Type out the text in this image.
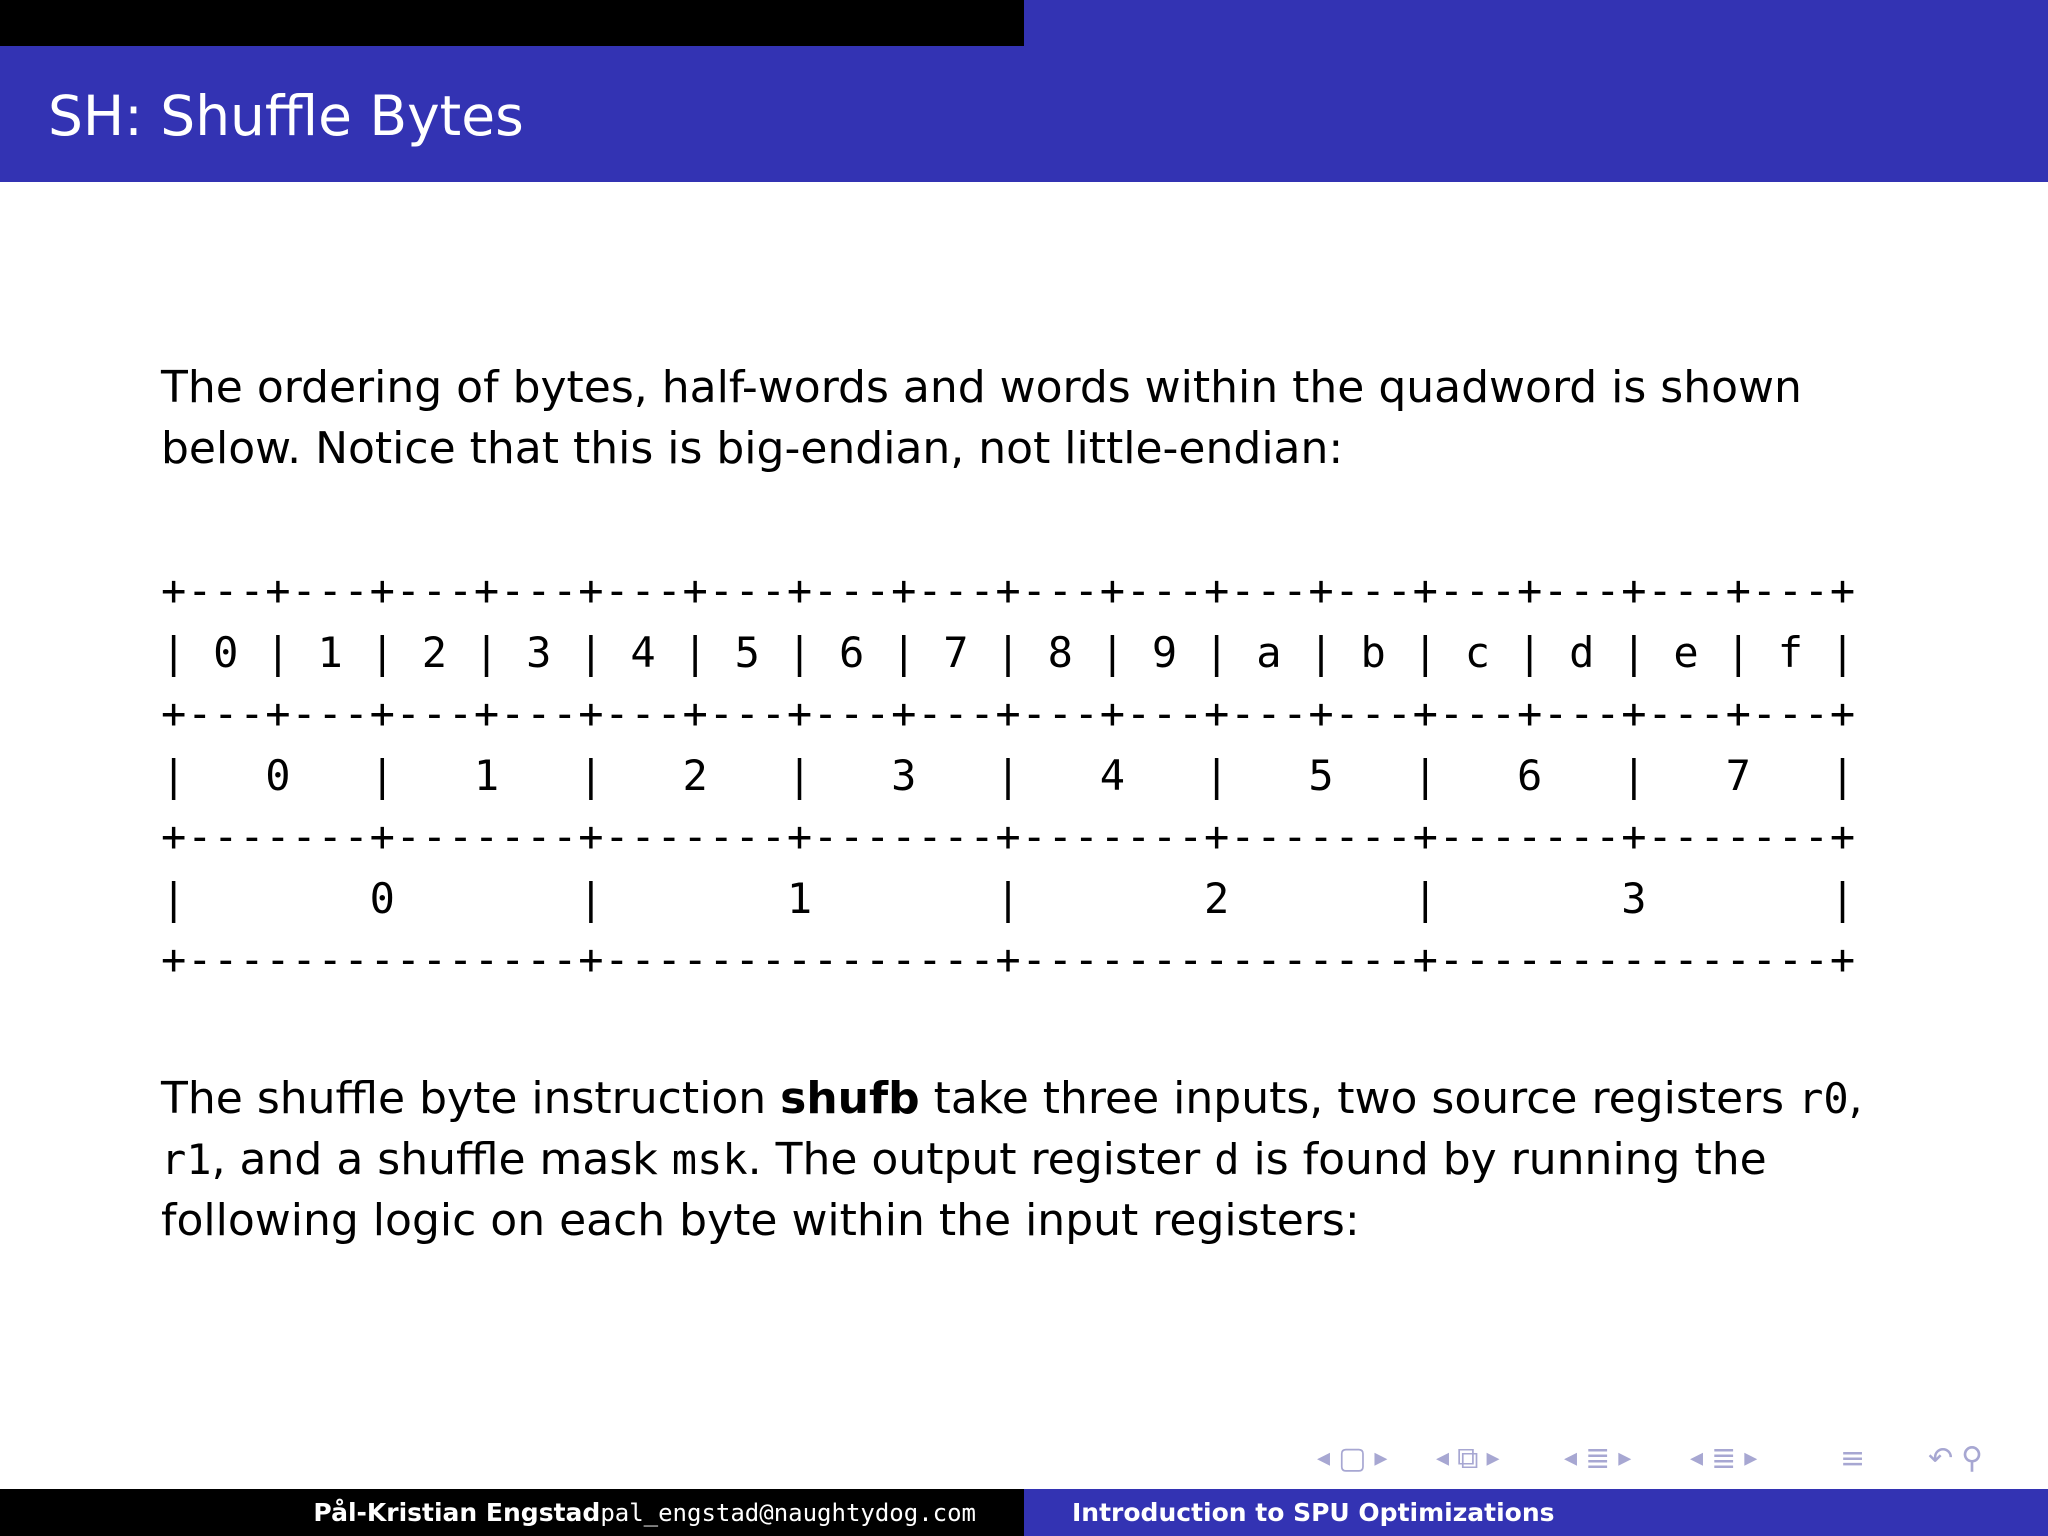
SH: Shuffle Bytes
The ordering of bytes, half-words and words within the quadword is shown
below. Notice that this is big-endian, not little-endian:
+---+---+---+---+---+---+---+---+---+---+---+---+---+---+---+---+
| 0 | 1 | 2 | 3 | 4 | 5 | 6 | 7 | 8 | 9 | a | b | c | d | e | f |
+---+---+---+---+---+---+---+---+---+---+---+---+---+---+---+---+
|   0   |   1   |   2   |   3   |   4   |   5   |   6   |   7   |
+-------+-------+-------+-------+-------+-------+-------+-------+
|       0       |       1       |       2       |       3       |
+---------------+---------------+---------------+---------------+
The shuffle byte instruction shufb take three inputs, two source registers r0,
r1, and a shuffle mask msk. The output register d is found by running the
following logic on each byte within the input registers:
◂ ▢ ▸ ◂ ⧉ ▸ ◂ ≣ ▸ ◂ ≣ ▸	≡ ↶ ⚲
Pål-Kristian Engstad pal_engstad@naughtydog.com	Introduction to SPU Optimizations
